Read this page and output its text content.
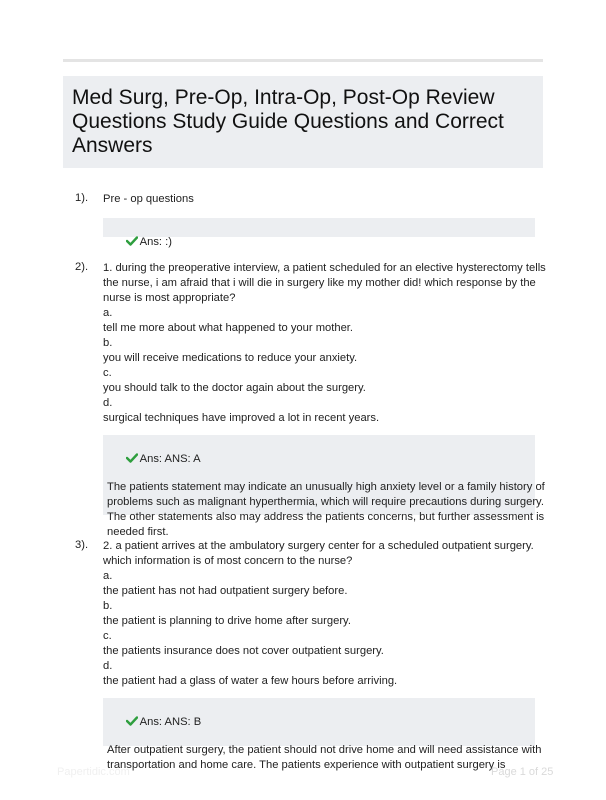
Med Surg, Pre-Op, Intra-Op, Post-Op Review Questions Study Guide Questions and Correct Answers
1). Pre - op questions

Ans: :)

2). 1. during the preoperative interview, a patient scheduled for an elective hysterectomy tells

the nurse, i am afraid that i will die in surgery like my mother did! which response by the

nurse is most appropriate?

a.

tell me more about what happened to your mother.

b.

you will receive medications to reduce your anxiety.

c.

you should talk to the doctor again about the surgery.

d.

surgical techniques have improved a lot in recent years.

Ans: ANS: A

The patients statement may indicate an unusually high anxiety level or a family history of

problems such as malignant hyperthermia, which will require precautions during surgery.

The other statements also may address the patients concerns, but further assessment is

needed first.

3). 2. a patient arrives at the ambulatory surgery center for a scheduled outpatient surgery.

which information is of most concern to the nurse?

a.

the patient has not had outpatient surgery before.

b.

the patient is planning to drive home after surgery.

c.

the patients insurance does not cover outpatient surgery.

d.

the patient had a glass of water a few hours before arriving.

Ans: ANS: B

After outpatient surgery, the patient should not drive home and will need assistance with

transportation and home care. The patients experience with outpatient surgery is

Papertidic.com	Page 1 of 25
